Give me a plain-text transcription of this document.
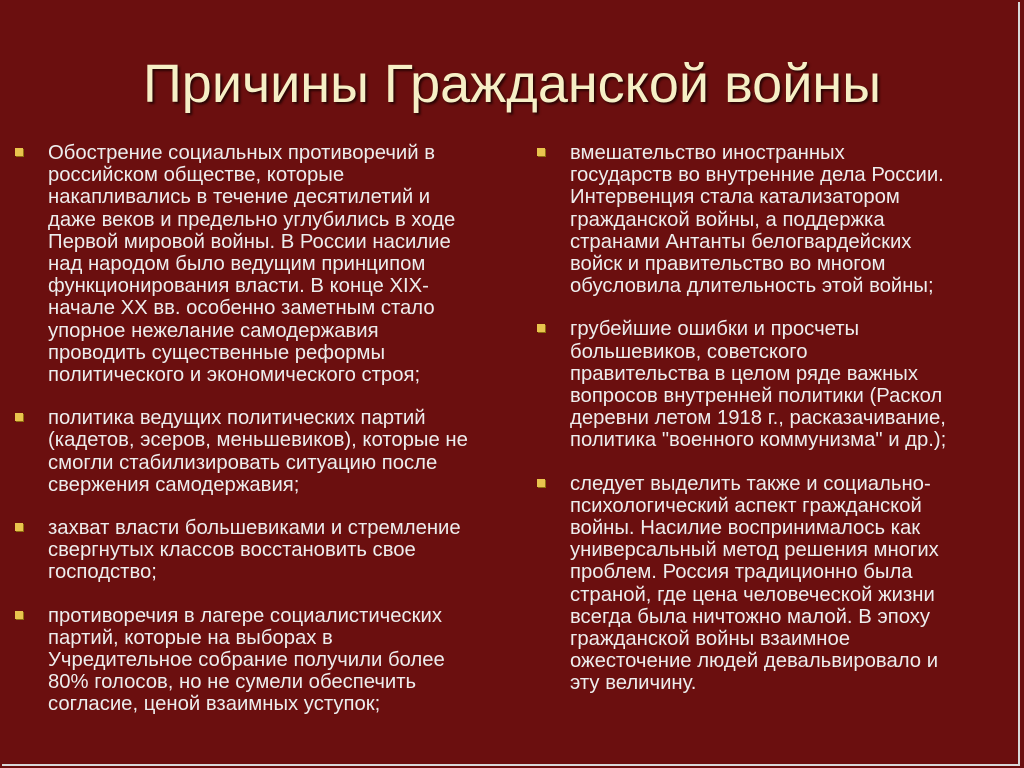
Причины Гражданской войны
Обострение социальных противоречий в
российском обществе, которые
накапливались в течение десятилетий и
даже веков и предельно углубились в ходе
Первой мировой войны. В России насилие
над народом было ведущим принципом
функционирования власти. В конце XIX-
начале XX вв. особенно заметным стало
упорное нежелание самодержавия
проводить существенные реформы
политического и экономического строя;
политика ведущих политических партий
(кадетов, эсеров, меньшевиков), которые не
смогли стабилизировать ситуацию после
свержения самодержавия;
захват власти большевиками и стремление
свергнутых классов восстановить свое
господство;
противоречия в лагере социалистических
партий, которые на выборах в
Учредительное собрание получили более
80% голосов, но не сумели обеспечить
согласие, ценой взаимных уступок;
вмешательство иностранных
государств во внутренние дела России.
Интервенция стала катализатором
гражданской войны, а поддержка
странами Антанты белогвардейских
войск и правительство во многом
обусловила длительность этой войны;
грубейшие ошибки и просчеты
большевиков, советского
правительства в целом ряде важных
вопросов внутренней политики (Раскол
деревни летом 1918 г., расказачивание,
политика "военного коммунизма" и др.);
следует выделить также и социально-
психологический аспект гражданской
войны. Насилие воспринималось как
универсальный метод решения многих
проблем. Россия традиционно была
страной, где цена человеческой жизни
всегда была ничтожно малой. В эпоху
гражданской войны взаимное
ожесточение людей девальвировало и
эту величину.
